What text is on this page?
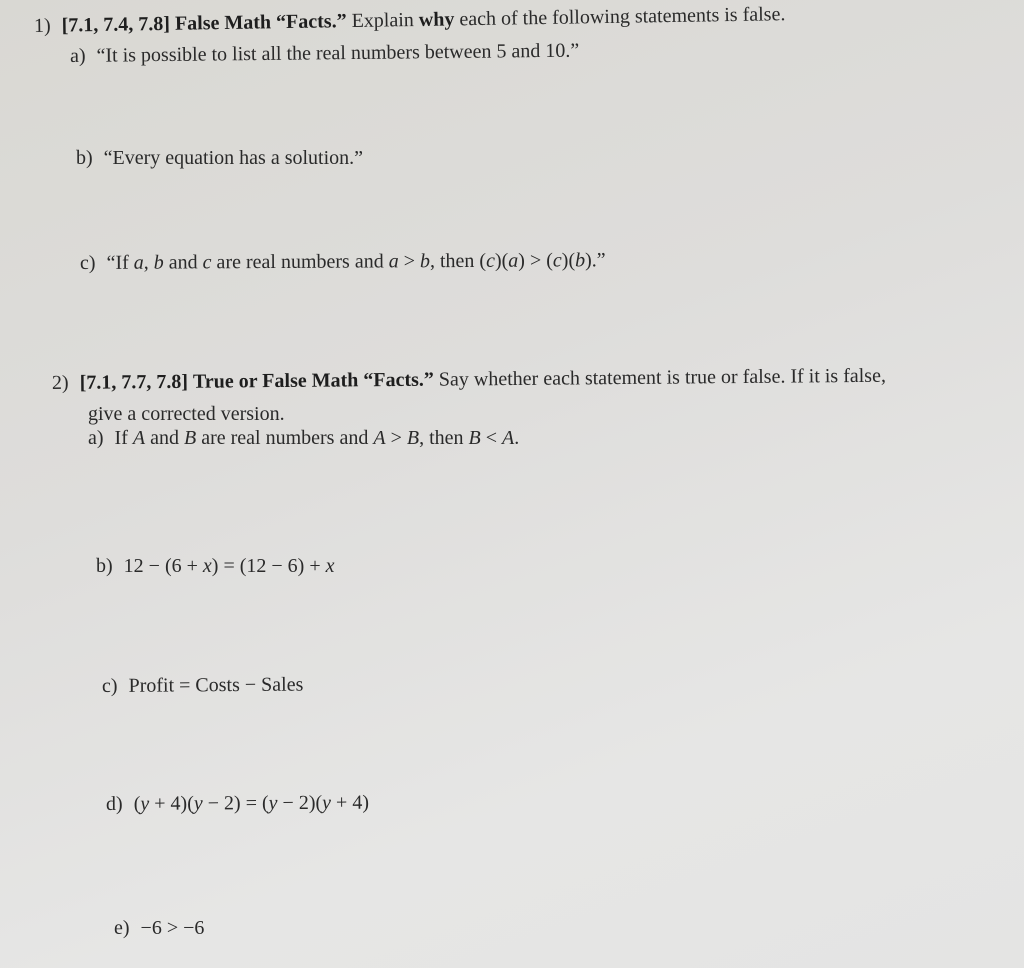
1) [7.1, 7.4, 7.8] False Math “Facts.” Explain why each of the following statements is false.
a) “It is possible to list all the real numbers between 5 and 10.”
b) “Every equation has a solution.”
c) “If a, b and c are real numbers and a > b, then (c)(a) > (c)(b).”
2) [7.1, 7.7, 7.8] True or False Math “Facts.” Say whether each statement is true or false. If it is false,
give a corrected version.
a) If A and B are real numbers and A > B, then B < A.
b) 12 − (6 + x) = (12 − 6) + x
c) Profit = Costs − Sales
d) (y + 4)(y − 2) = (y − 2)(y + 4)
e) −6 > −6
